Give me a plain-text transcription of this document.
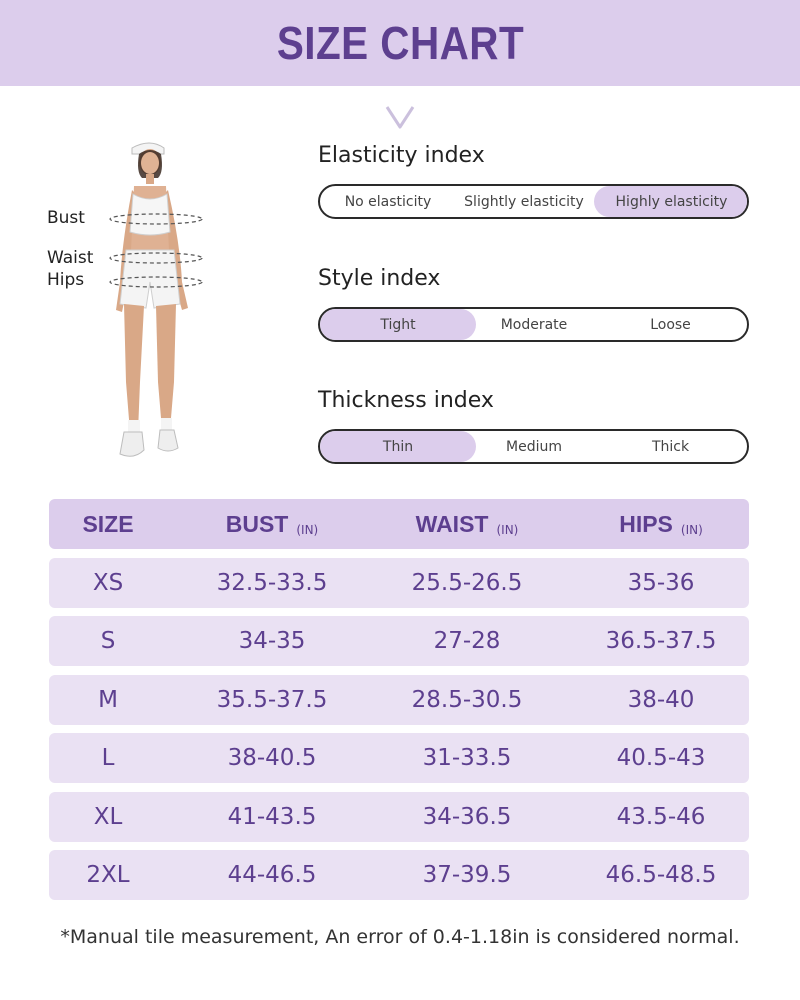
SIZE CHART
Bust
Waist
Hips
Elasticity index
No elasticity	Slightly elasticity	Highly elasticity
Style index
Tight	Moderate	Loose
Thickness index
Thin	Medium	Thick
SIZE	BUST (IN)	WAIST (IN)	HIPS (IN)
XS	32.5-33.5	25.5-26.5	35-36
S	34-35	27-28	36.5-37.5
M	35.5-37.5	28.5-30.5	38-40
L	38-40.5	31-33.5	40.5-43
XL	41-43.5	34-36.5	43.5-46
2XL	44-46.5	37-39.5	46.5-48.5
*Manual tile measurement, An error of 0.4-1.18in is considered normal.
